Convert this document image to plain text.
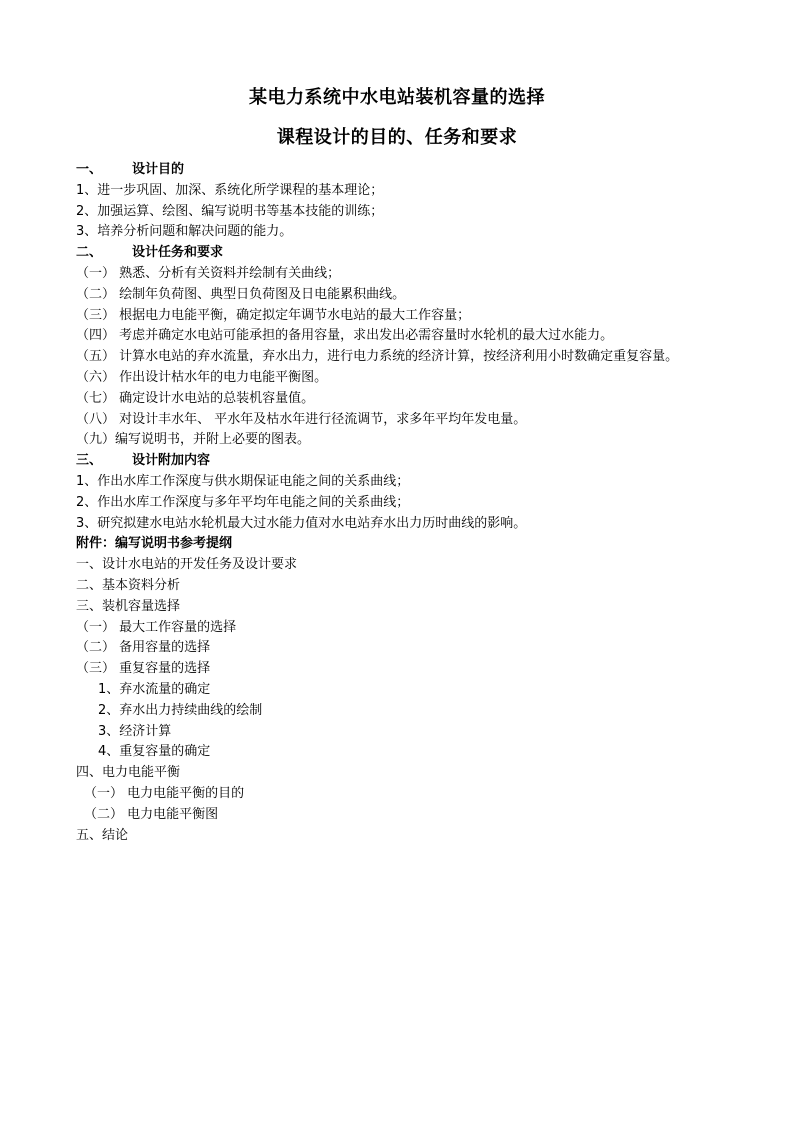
某电力系统中水电站装机容量的选择
课程设计的目的、任务和要求
一、 设计目的
1、进一步巩固、加深、系统化所学课程的基本理论；
2、加强运算、绘图、编写说明书等基本技能的训练；
3、培养分析问题和解决问题的能力。
二、 设计任务和要求
（一） 熟悉、分析有关资料并绘制有关曲线；
（二） 绘制年负荷图、典型日负荷图及日电能累积曲线。
（三） 根据电力电能平衡，确定拟定年调节水电站的最大工作容量；
（四） 考虑并确定水电站可能承担的备用容量，求出发出必需容量时水轮机的最大过水能力。
（五） 计算水电站的弃水流量，弃水出力，进行电力系统的经济计算，按经济利用小时数确定重复容量。
（六） 作出设计枯水年的电力电能平衡图。
（七） 确定设计水电站的总装机容量值。
（八） 对设计丰水年、 平水年及枯水年进行径流调节，求多年平均年发电量。
（九）编写说明书，并附上必要的图表。
三、 设计附加内容
1、作出水库工作深度与供水期保证电能之间的关系曲线；
2、作出水库工作深度与多年平均年电能之间的关系曲线；
3、研究拟建水电站水轮机最大过水能力值对水电站弃水出力历时曲线的影响。
附件：编写说明书参考提纲
一、设计水电站的开发任务及设计要求
二、基本资料分析
三、装机容量选择
（一） 最大工作容量的选择
（二） 备用容量的选择
（三） 重复容量的选择
1、弃水流量的确定
2、弃水出力持续曲线的绘制
3、经济计算
4、重复容量的确定
四、电力电能平衡
（一） 电力电能平衡的目的
（二） 电力电能平衡图
五、结论
